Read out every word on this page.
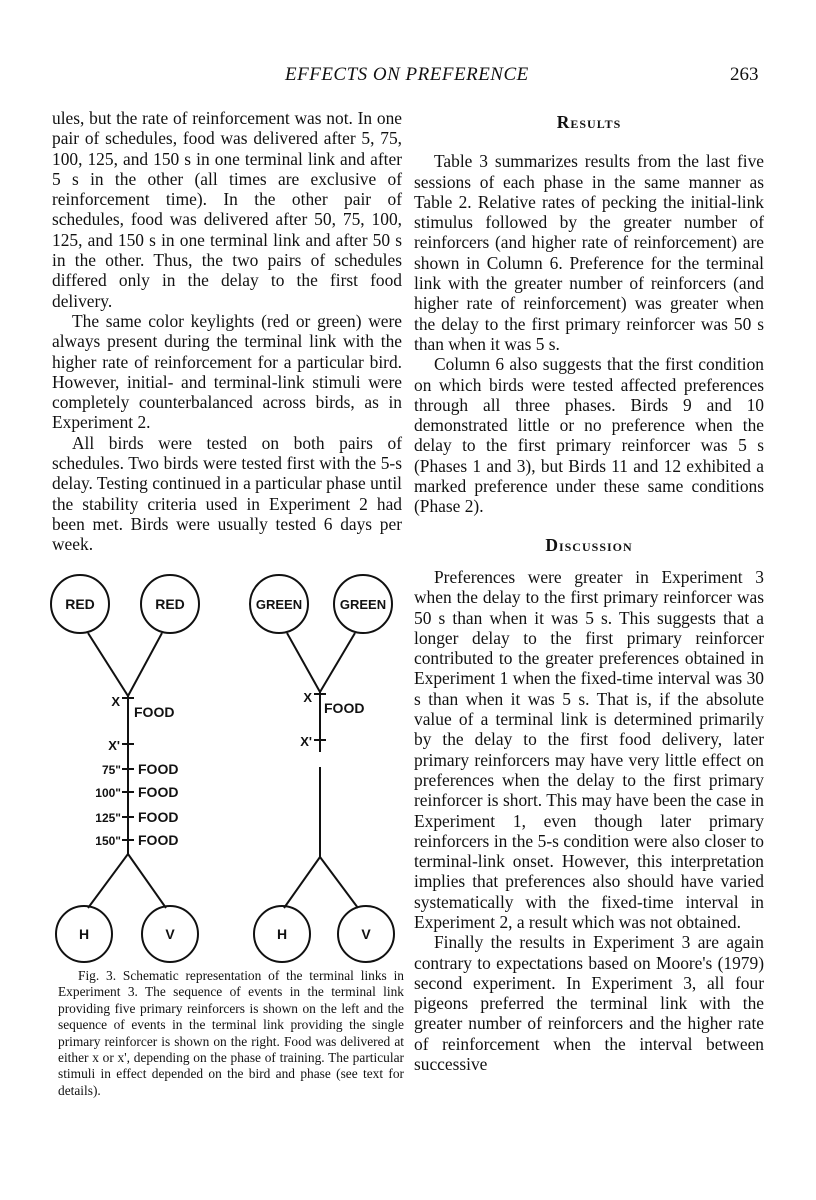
EFFECTS ON PREFERENCE	263

ules, but the rate of reinforcement was not. In one pair of schedules, food was delivered after 5, 75, 100, 125, and 150 s in one terminal link and after 5 s in the other (all times are exclusive of reinforcement time). In the other pair of schedules, food was delivered after 50, 75, 100, 125, and 150 s in one terminal link and after 50 s in the other. Thus, the two pairs of schedules differed only in the delay to the first food delivery.

The same color keylights (red or green) were always present during the terminal link with the higher rate of reinforcement for a particular bird. However, initial- and terminal-link stimuli were completely counterbalanced across birds, as in Experiment 2.

All birds were tested on both pairs of schedules. Two birds were tested first with the 5-s delay. Testing continued in a particular phase until the stability criteria used in Experiment 2 had been met. Birds were usually tested 6 days per week.

RED	RED
X
FOOD
X'
75" FOOD
100" FOOD
125" FOOD
150" FOOD
H	V
GREEN	GREEN
X
FOOD
X'
H	V

Fig. 3. Schematic representation of the terminal links in Experiment 3. The sequence of events in the terminal link providing five primary reinforcers is shown on the left and the sequence of events in the terminal link providing the single primary reinforcer is shown on the right. Food was delivered at either x or x', depending on the phase of training. The particular stimuli in effect depended on the bird and phase (see text for details).

Results

Table 3 summarizes results from the last five sessions of each phase in the same manner as Table 2. Relative rates of pecking the initial-link stimulus followed by the greater number of reinforcers (and higher rate of reinforcement) are shown in Column 6. Preference for the terminal link with the greater number of reinforcers (and higher rate of reinforcement) was greater when the delay to the first primary reinforcer was 50 s than when it was 5 s.

Column 6 also suggests that the first condition on which birds were tested affected preferences through all three phases. Birds 9 and 10 demonstrated little or no preference when the delay to the first primary reinforcer was 5 s (Phases 1 and 3), but Birds 11 and 12 exhibited a marked preference under these same conditions (Phase 2).

Discussion

Preferences were greater in Experiment 3 when the delay to the first primary reinforcer was 50 s than when it was 5 s. This suggests that a longer delay to the first primary reinforcer contributed to the greater preferences obtained in Experiment 1 when the fixed-time interval was 30 s than when it was 5 s. That is, if the absolute value of a terminal link is determined primarily by the delay to the first food delivery, later primary reinforcers may have very little effect on preferences when the delay to the first primary reinforcer is short. This may have been the case in Experiment 1, even though later primary reinforcers in the 5-s condition were also closer to terminal-link onset. However, this interpretation implies that preferences also should have varied systematically with the fixed-time interval in Experiment 2, a result which was not obtained.

Finally the results in Experiment 3 are again contrary to expectations based on Moore's (1979) second experiment. In Experiment 3, all four pigeons preferred the terminal link with the greater number of reinforcers and the higher rate of reinforcement when the interval between successive
